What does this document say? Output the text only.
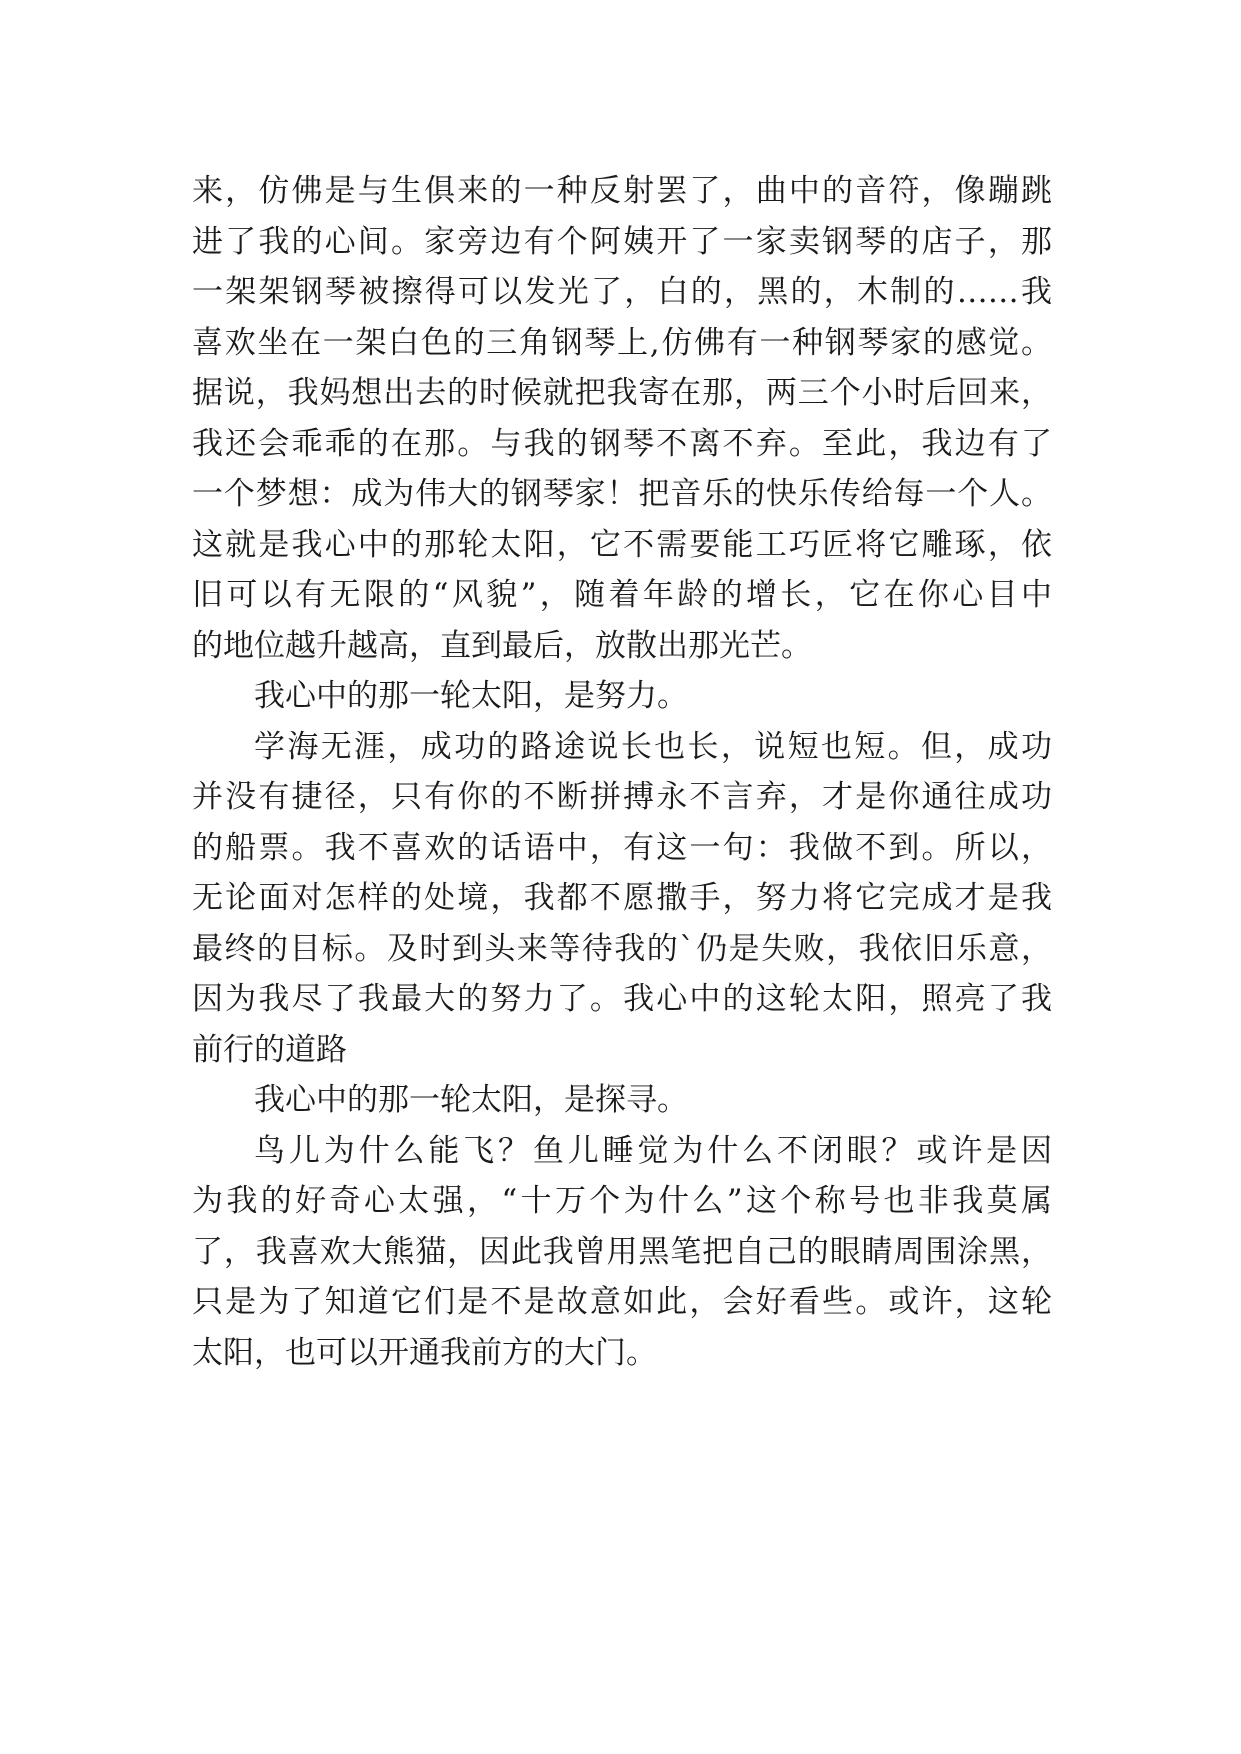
来，仿佛是与生俱来的一种反射罢了，曲中的音符，像蹦跳
进了我的心间。家旁边有个阿姨开了一家卖钢琴的店子，那
一架架钢琴被擦得可以发光了，白的，黑的，木制的……我
喜欢坐在一架白色的三角钢琴上,仿佛有一种钢琴家的感觉。
据说，我妈想出去的时候就把我寄在那，两三个小时后回来，
我还会乖乖的在那。与我的钢琴不离不弃。至此，我边有了
一个梦想：成为伟大的钢琴家！把音乐的快乐传给每一个人。
这就是我心中的那轮太阳，它不需要能工巧匠将它雕琢，依
旧可以有无限的“风貌”，随着年龄的增长，它在你心目中
的地位越升越高，直到最后，放散出那光芒。
我心中的那一轮太阳，是努力。
学海无涯，成功的路途说长也长，说短也短。但，成功
并没有捷径，只有你的不断拼搏永不言弃，才是你通往成功
的船票。我不喜欢的话语中，有这一句：我做不到。所以，
无论面对怎样的处境，我都不愿撒手，努力将它完成才是我
最终的目标。及时到头来等待我的`仍是失败，我依旧乐意，
因为我尽了我最大的努力了。我心中的这轮太阳，照亮了我
前行的道路
我心中的那一轮太阳，是探寻。
鸟儿为什么能飞？鱼儿睡觉为什么不闭眼？或许是因
为我的好奇心太强，“十万个为什么”这个称号也非我莫属
了，我喜欢大熊猫，因此我曾用黑笔把自己的眼睛周围涂黑，
只是为了知道它们是不是故意如此，会好看些。或许，这轮
太阳，也可以开通我前方的大门。
